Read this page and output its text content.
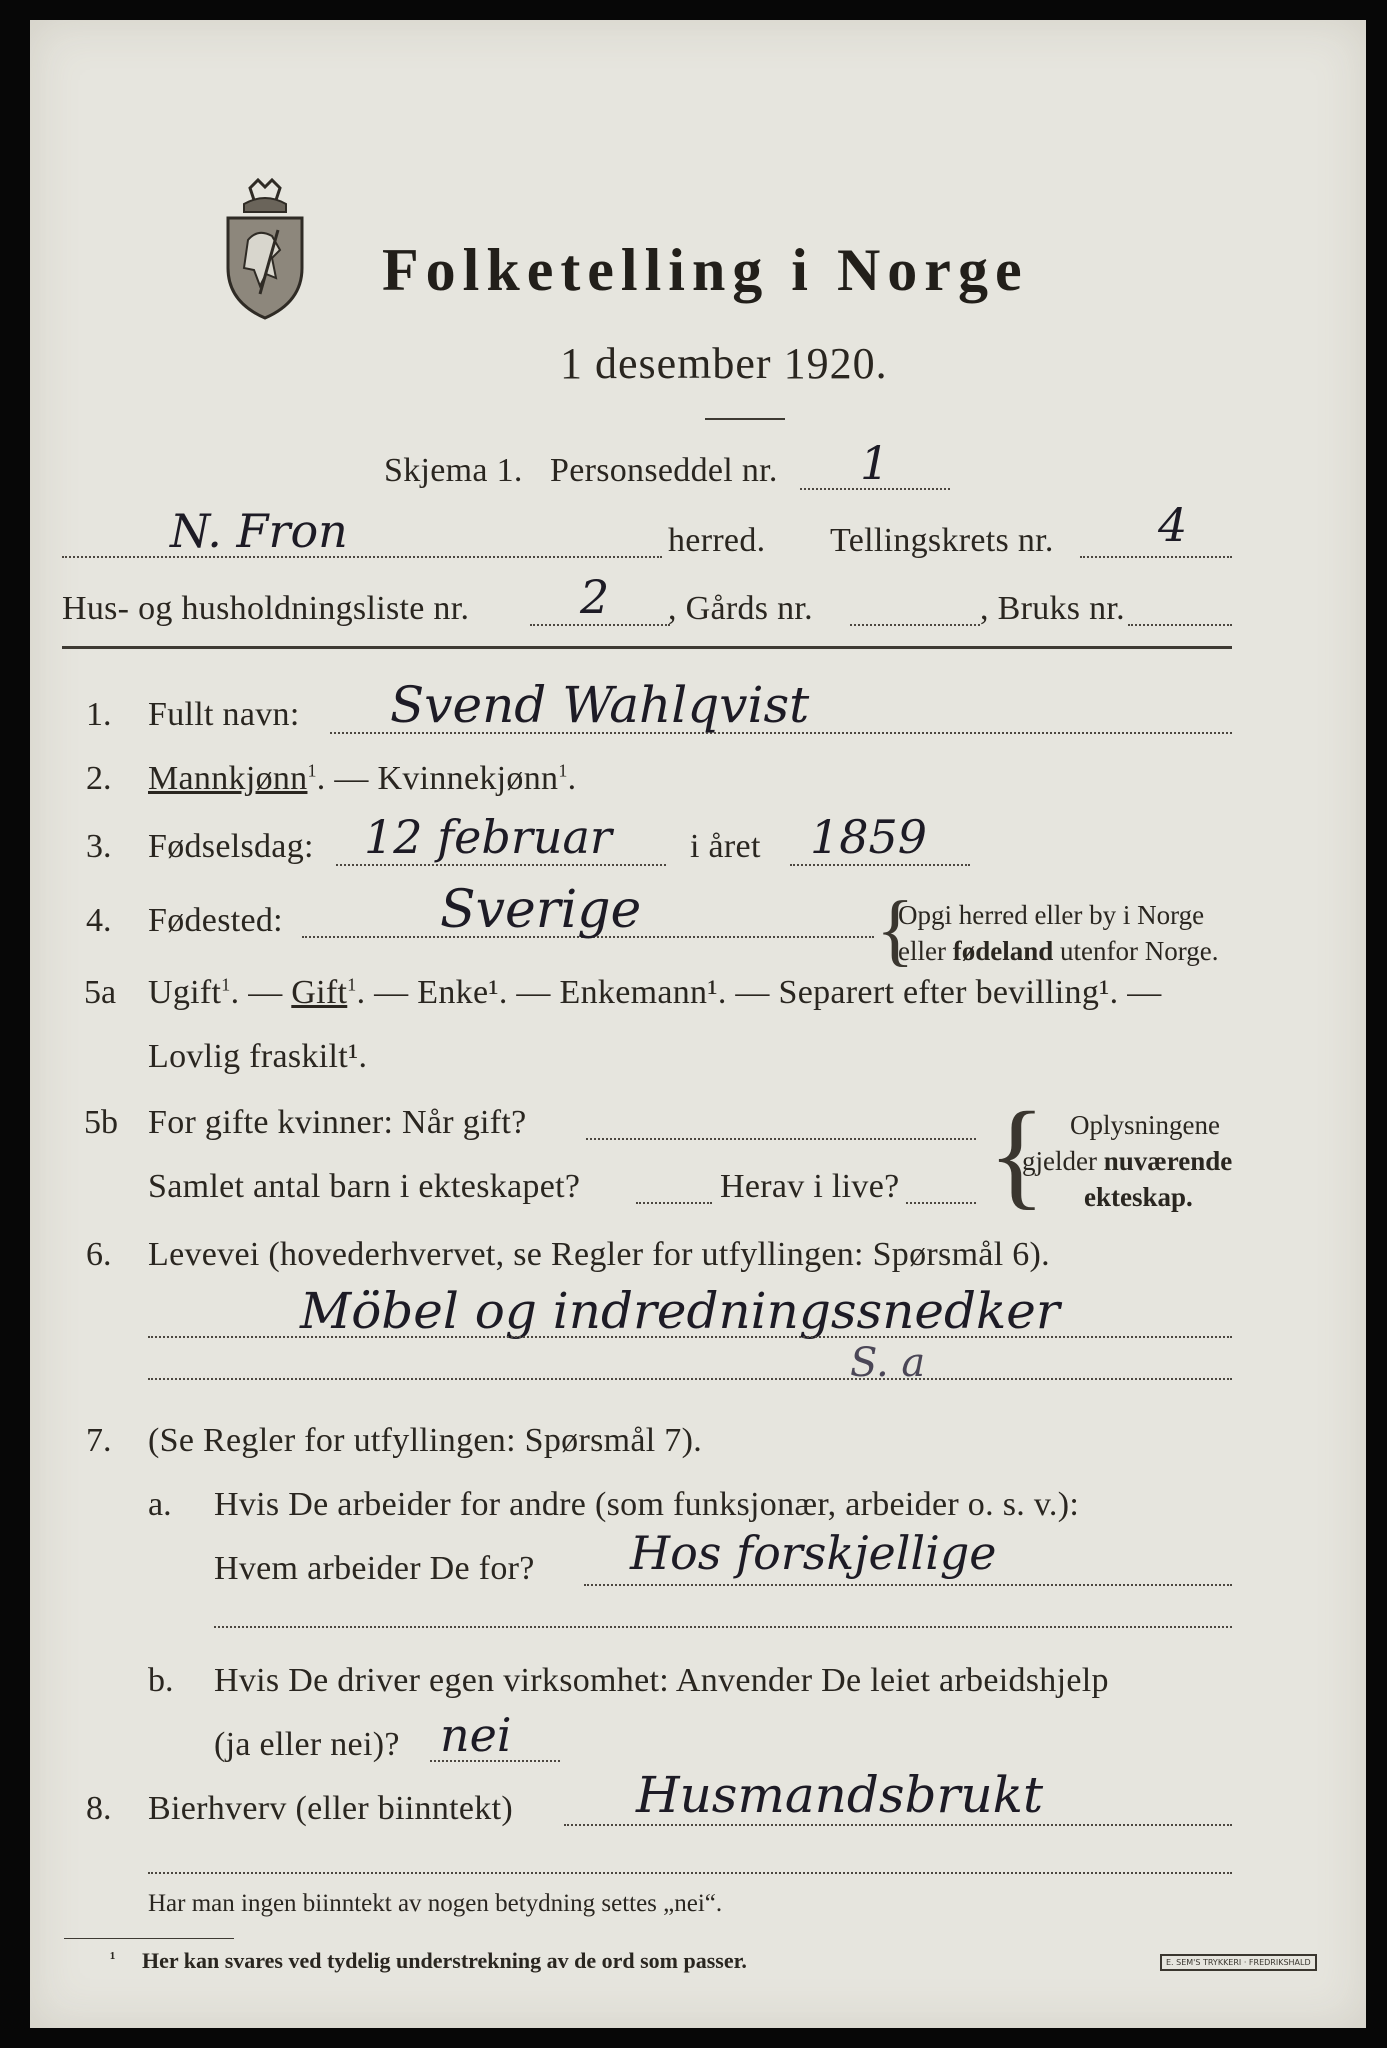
Folketelling i Norge
1 desember 1920.
Skjema 1. Personseddel nr. 1
N. Fron	herred. Tellingskrets nr. 4
Hus- og husholdningsliste nr. 2 , Gårds nr.	, Bruks nr.
1. Fullt navn: Svend Wahlqvist
2. Mannkjønn$^1$. — Kvinnekjønn$^1$.
3. Fødselsdag: 12 februar i året 1859
4. Fødested:	Sverige	{
Opgi herred eller by i Norge
eller fødeland utenfor Norge.
5a Ugift$^1$. — Gift$^1$. — Enke¹. — Enkemann¹. — Separert efter bevilling¹. —
Lovlig fraskilt¹.
5b For gifte kvinner: Når gift?
Samlet antal barn i ekteskapet?	Herav i live? { Oplysningene
gjelder nuværende
ekteskap.
6. Levevei (hovederhvervet, se Regler for utfyllingen: Spørsmål 6).
Möbel og indredningssnedker
S. a
7. (Se Regler for utfyllingen: Spørsmål 7).
a. Hvis De arbeider for andre (som funksjonær, arbeider o. s. v.):
Hvem arbeider De for? Hos forskjellige
b. Hvis De driver egen virksomhet: Anvender De leiet arbeidshjelp
(ja eller nei)? nei
8. Bierhverv (eller biinntekt) Husmandsbrukt
Har man ingen biinntekt av nogen betydning settes „nei“.
¹ Her kan svares ved tydelig understrekning av de ord som passer.	E. SEM'S TRYKKERI · FREDRIKSHALD
